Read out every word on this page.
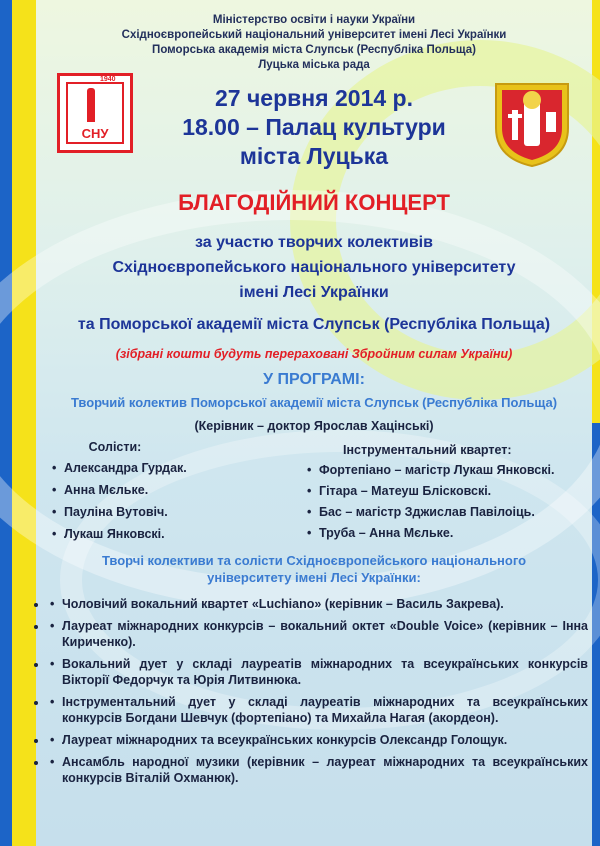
Міністерство освіти і науки України
Східноєвропейський національний університет імені Лесі Українки
Поморська академія міста Слупськ (Республіка Польща)
Луцька міська рада
1940
СНУ
27 червня 2014 р.
18.00 – Палац культури
міста Луцька
БЛАГОДІЙНИЙ КОНЦЕРТ
за участю творчих колективів
Східноєвропейського національного університету
імені Лесі Українки
та Поморської академії міста Слупськ (Республіка Польща)
(зібрані кошти будуть перераховані Збройним силам України)
У ПРОГРАМІ:
Творчий колектив Поморської академії міста Слупськ (Республіка Польща)
(Керівник – доктор Ярослав Хацінські)
Солісти:
• Александра Гурдак.
• Анна Мєльке.
• Пауліна Вутовіч.
• Лукаш Янковскі.
Інструментальний квартет:
• Фортепіано – магістр Лукаш Янковскі.
• Гітара – Матеуш Бліскoвскі.
• Бас – магістр Зджислав Павілоіць.
• Труба – Анна Мєльке.
Творчі колективи та солісти Східноєвропейського національного
університету імені Лесі Українки:
• • Чоловічий вокальний квартет «Luchiano» (керівник – Василь Закрева).
• • Лауреат міжнародних конкурсів – вокальний октет «Double Voice» (керівник – Інна Кириченко).
• • Вокальний дует у складі лауреатів міжнародних та всеукраїнських конкурсів Вікторії Федорчук та Юрія Литвинюка.
• • Інструментальний дует у складі лауреатів міжнародних та всеукраїнських конкурсів Богдани Шевчук (фортепіано) та Михайла Нагая (акордеон).
• • Лауреат міжнародних та всеукраїнських конкурсів Олександр Голощук.
• • Ансамбль народної музики (керівник – лауреат міжнародних та всеукраїнських конкурсів Віталій Охманюк).
